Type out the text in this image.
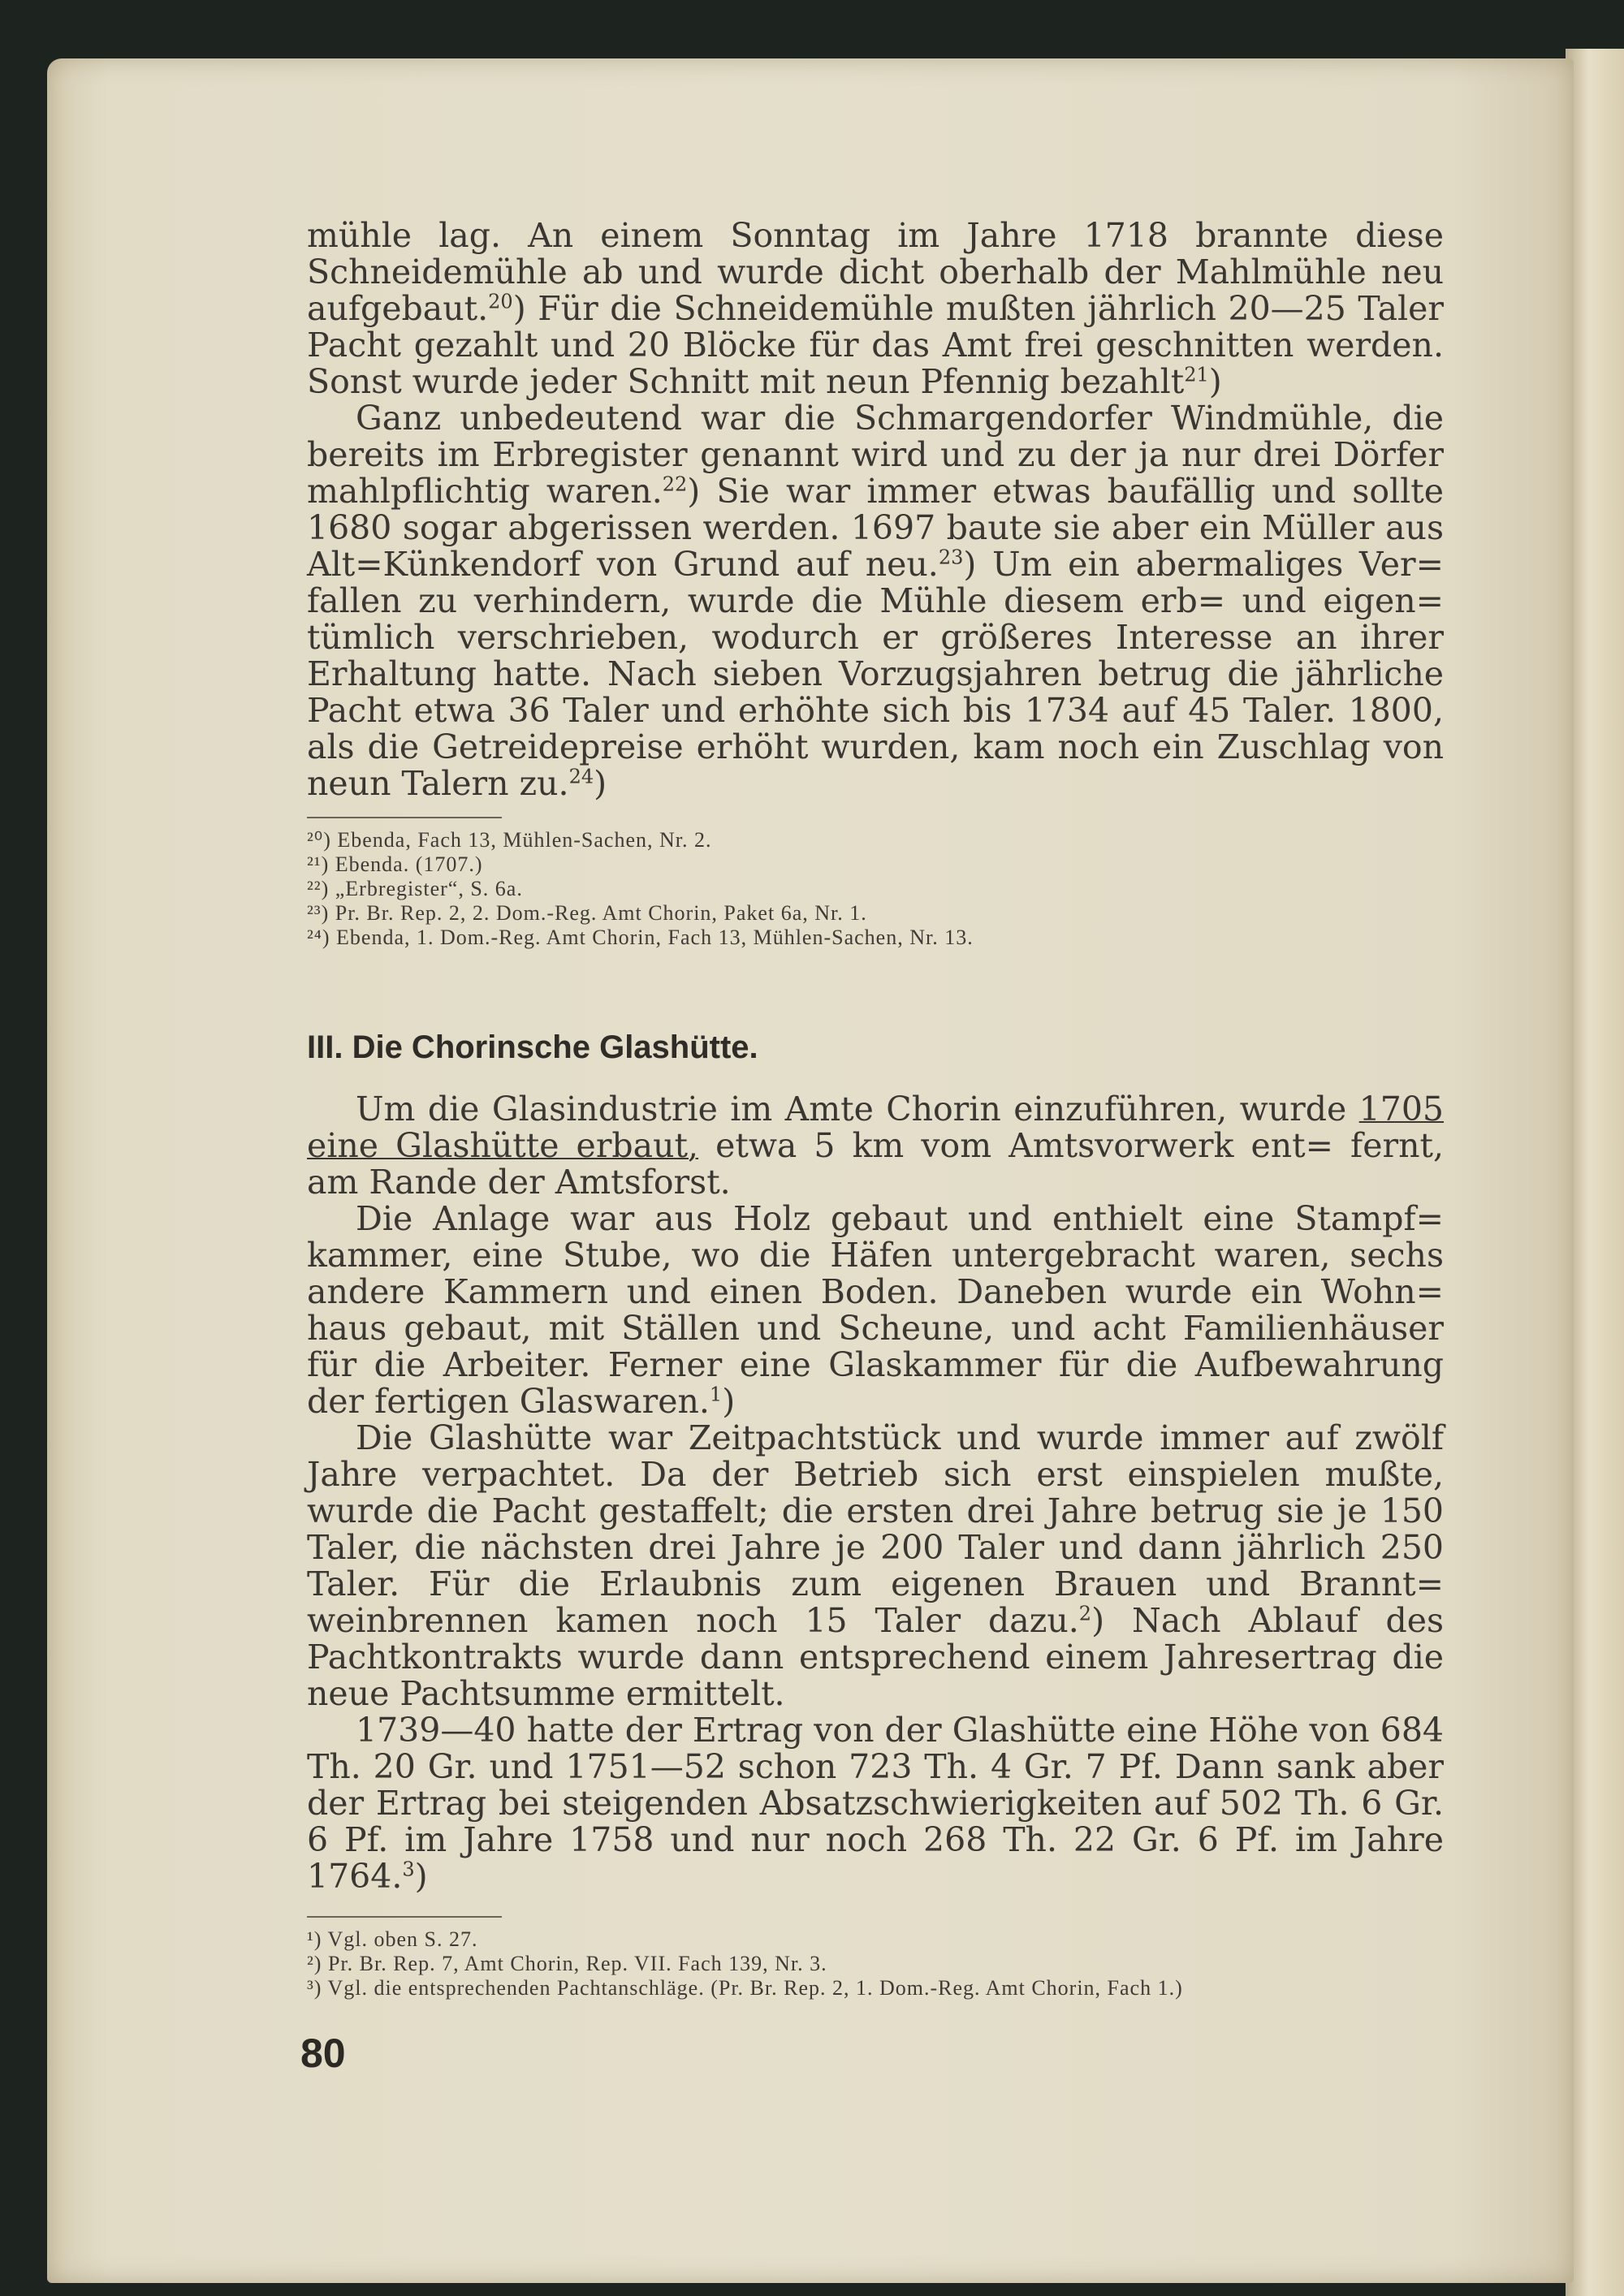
mühle lag. An einem Sonntag im Jahre 1718 brannte diese Schneidemühle ab und wurde dicht oberhalb der Mahlmühle neu aufgebaut.$^{20}$) Für die Schneidemühle mußten jährlich 20—25 Taler Pacht gezahlt und 20 Blöcke für das Amt frei geschnitten werden. Sonst wurde jeder Schnitt mit neun Pfennig bezahlt$^{21}$)

Ganz unbedeutend war die Schmargendorfer Windmühle, die bereits im Erbregister genannt wird und zu der ja nur drei Dörfer mahlpflichtig waren.$^{22}$) Sie war immer etwas baufällig und sollte 1680 sogar abgerissen werden. 1697 baute sie aber ein Müller aus Alt=Künkendorf von Grund auf neu.$^{23}$) Um ein abermaliges Ver= fallen zu verhindern, wurde die Mühle diesem erb= und eigen= tümlich verschrieben, wodurch er größeres Interesse an ihrer Erhaltung hatte. Nach sieben Vorzugsjahren betrug die jährliche Pacht etwa 36 Taler und erhöhte sich bis 1734 auf 45 Taler. 1800, als die Getreidepreise erhöht wurden, kam noch ein Zuschlag von neun Talern zu.$^{24}$)

²⁰) Ebenda, Fach 13, Mühlen-Sachen, Nr. 2.
²¹) Ebenda. (1707.)
²²) „Erbregister“, S. 6a.
²³) Pr. Br. Rep. 2, 2. Dom.-Reg. Amt Chorin, Paket 6a, Nr. 1.
²⁴) Ebenda, 1. Dom.-Reg. Amt Chorin, Fach 13, Mühlen-Sachen, Nr. 13.
III. Die Chorinsche Glashütte.

Um die Glasindustrie im Amte Chorin einzuführen, wurde 1705 eine Glashütte erbaut, etwa 5 km vom Amtsvorwerk ent= fernt, am Rande der Amtsforst.

Die Anlage war aus Holz gebaut und enthielt eine Stampf= kammer, eine Stube, wo die Häfen untergebracht waren, sechs andere Kammern und einen Boden. Daneben wurde ein Wohn= haus gebaut, mit Ställen und Scheune, und acht Familienhäuser für die Arbeiter. Ferner eine Glaskammer für die Aufbewahrung der fertigen Glaswaren.$^1$)

Die Glashütte war Zeitpachtstück und wurde immer auf zwölf Jahre verpachtet. Da der Betrieb sich erst einspielen mußte, wurde die Pacht gestaffelt; die ersten drei Jahre betrug sie je 150 Taler, die nächsten drei Jahre je 200 Taler und dann jährlich 250 Taler. Für die Erlaubnis zum eigenen Brauen und Brannt= weinbrennen kamen noch 15 Taler dazu.$^2$) Nach Ablauf des Pachtkontrakts wurde dann entsprechend einem Jahresertrag die neue Pachtsumme ermittelt.

1739—40 hatte der Ertrag von der Glashütte eine Höhe von 684 Th. 20 Gr. und 1751—52 schon 723 Th. 4 Gr. 7 Pf. Dann sank aber der Ertrag bei steigenden Absatzschwierigkeiten auf 502 Th. 6 Gr. 6 Pf. im Jahre 1758 und nur noch 268 Th. 22 Gr. 6 Pf. im Jahre 1764.$^3$)

¹) Vgl. oben S. 27.
²) Pr. Br. Rep. 7, Amt Chorin, Rep. VII. Fach 139, Nr. 3.
³) Vgl. die entsprechenden Pachtanschläge. (Pr. Br. Rep. 2, 1. Dom.-Reg. Amt Chorin, Fach 1.)
80
